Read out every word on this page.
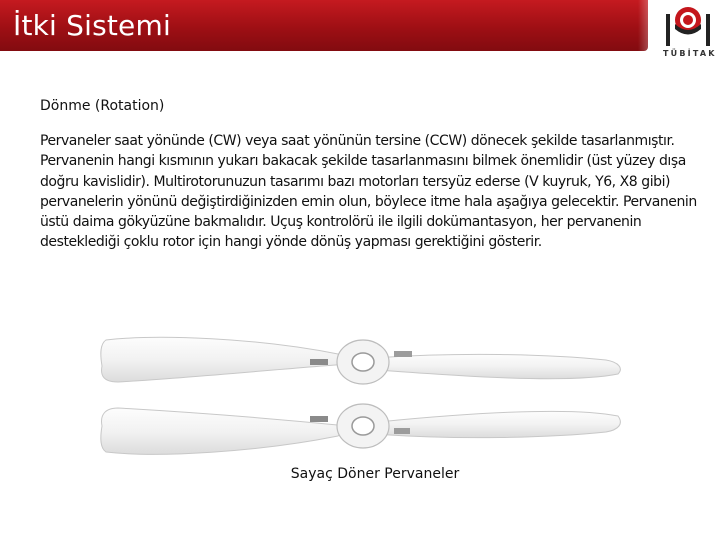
İtki Sistemi
TÜBİTAK
Dönme (Rotation)
Pervaneler saat yönünde (CW) veya saat yönünün tersine (CCW) dönecek şekilde tasarlanmıştır. Pervanenin hangi kısmının yukarı bakacak şekilde tasarlanmasını bilmek önemlidir (üst yüzey dışa doğru kavislidir). Multirotorunuzun tasarımı bazı motorları tersyüz ederse (V kuyruk, Y6, X8 gibi) pervanelerin yönünü değiştirdiğinizden emin olun, böylece itme hala aşağıya gelecektir. Pervanenin üstü daima gökyüzüne bakmalıdır. Uçuş kontrolörü ile ilgili dokümantasyon, her pervanenin desteklediği çoklu rotor için hangi yönde dönüş yapması gerektiğini gösterir.
Sayaç Döner Pervaneler
